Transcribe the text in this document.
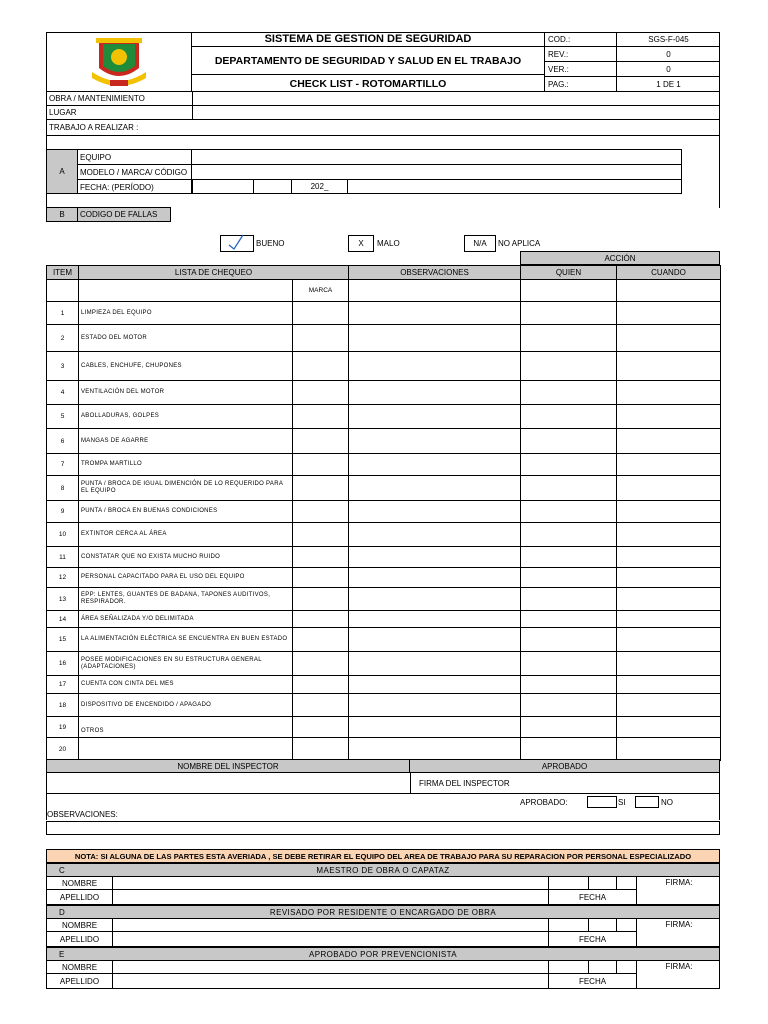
SISTEMA DE GESTION DE SEGURIDAD
DEPARTAMENTO DE SEGURIDAD Y SALUD EN EL TRABAJO
CHECK LIST - ROTOMARTILLO
COD.:	SGS-F-045
REV.:	0
VER.:	0
PAG.:	1 DE 1
OBRA / MANTENIMIENTO
LUGAR
TRABAJO A REALIZAR :
A
EQUIPO
MODELO / MARCA/ CÓDIGO
FECHA: (PERÍODO)	202_
B	CODIGO DE FALLAS
BUENO	X	MALO	N/A	NO APLICA
ACCIÓN
ITEM	LISTA DE CHEQUEO		OBSERVACIONES	QUIEN	CUANDO
		MARCA			
1	LIMPIEZA DEL EQUIPO				
2	ESTADO DEL MOTOR				
3	CABLES, ENCHUFE, CHUPONES				
4	VENTILACIÓN DEL MOTOR				
5	ABOLLADURAS, GOLPES				
6	MANGAS DE AGARRE				
7	TROMPA MARTILLO				
8	PUNTA / BROCA DE IGUAL DIMENCIÓN DE LO REQUERIDO PARA EL EQUIPO				
9	PUNTA / BROCA EN BUENAS CONDICIONES				
10	EXTINTOR CERCA AL ÁREA				
11	CONSTATAR QUE NO EXISTA MUCHO RUIDO				
12	PERSONAL CAPACITADO PARA EL USO DEL EQUIPO				
13	EPP: LENTES, GUANTES DE BADANA, TAPONES AUDITIVOS, RESPIRADOR.				
14	ÁREA SEÑALIZADA Y/O DELIMITADA				
15	LA ALIMENTACIÓN ELÉCTRICA SE ENCUENTRA EN BUEN ESTADO				
16	POSEE MODIFICACIONES EN SU ESTRUCTURA GENERAL (ADAPTACIONES)				
17	CUENTA CON CINTA DEL MES				
18	DISPOSITIVO DE ENCENDIDO / APAGADO				
19	OTROS				
20					
NOMBRE DEL INSPECTOR	APROBADO
FIRMA DEL INSPECTOR
APROBADO:	SI	NO
OBSERVACIONES:
NOTA: SI ALGUNA DE LAS PARTES ESTA AVERIADA , SE DEBE RETIRAR EL EQUIPO DEL AREA DE TRABAJO PARA SU REPARACION POR PERSONAL ESPECIALIZADO
C	MAESTRO DE OBRA O CAPATAZ
NOMBRE
APELLIDO	FECHA
FIRMA:
D	REVISADO POR RESIDENTE O ENCARGADO DE OBRA
NOMBRE
APELLIDO	FECHA
FIRMA:
E	APROBADO POR PREVENCIONISTA
NOMBRE
APELLIDO	FECHA
FIRMA:
